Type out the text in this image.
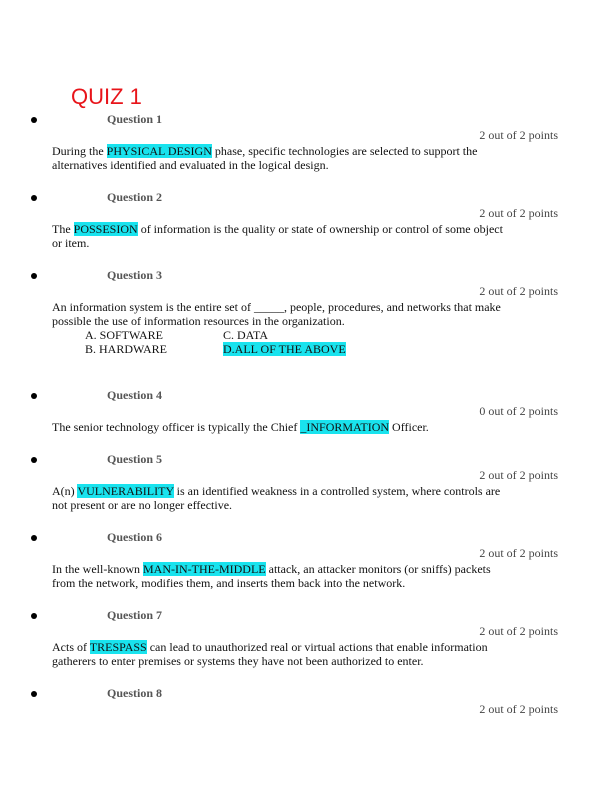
QUIZ 1
Question 1
2 out of 2 points
During the PHYSICAL DESIGN phase, specific technologies are selected to support the alternatives identified and evaluated in the logical design.
Question 2
2 out of 2 points
The POSSESION of information is the quality or state of ownership or control of some object or item.
Question 3
2 out of 2 points
An information system is the entire set of _____, people, procedures, and networks that make possible the use of information resources in the organization.
A. SOFTWARE
B. HARDWARE
C. DATA
D.ALL OF THE ABOVE
Question 4
0 out of 2 points
The senior technology officer is typically the Chief _INFORMATION Officer.
Question 5
2 out of 2 points
A(n) VULNERABILITY is an identified weakness in a controlled system, where controls are not present or are no longer effective.
Question 6
2 out of 2 points
In the well-known MAN-IN-THE-MIDDLE attack, an attacker monitors (or sniffs) packets from the network, modifies them, and inserts them back into the network.
Question 7
2 out of 2 points
Acts of TRESPASS can lead to unauthorized real or virtual actions that enable information gatherers to enter premises or systems they have not been authorized to enter.
Question 8
2 out of 2 points
